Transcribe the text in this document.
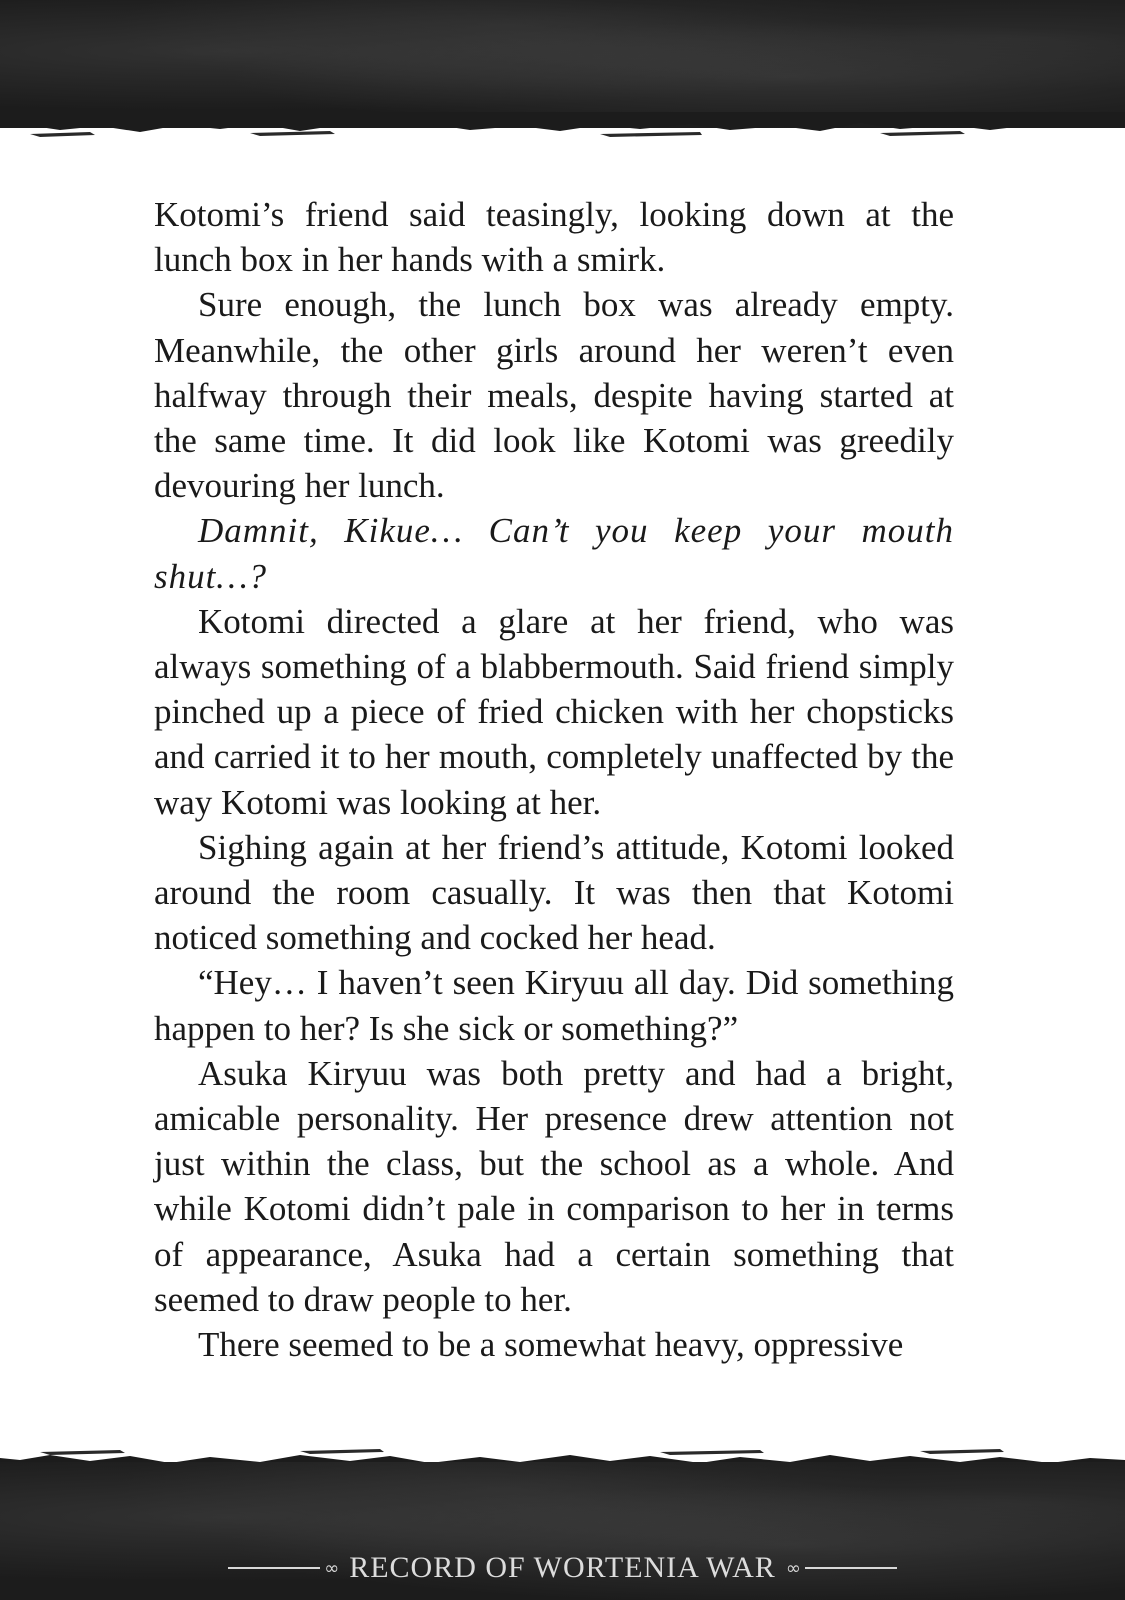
Kotomi’s friend said teasingly, looking down at the lunch box in her hands with a smirk.

Sure enough, the lunch box was already empty. Meanwhile, the other girls around her weren’t even halfway through their meals, despite having started at the same time. It did look like Kotomi was greedily devouring her lunch.

Damnit, Kikue… Can’t you keep your mouth shut…?

Kotomi directed a glare at her friend, who was always something of a blabbermouth. Said friend simply pinched up a piece of fried chicken with her chopsticks and carried it to her mouth, completely unaffected by the way Kotomi was looking at her.

Sighing again at her friend’s attitude, Kotomi looked around the room casually. It was then that Kotomi noticed something and cocked her head.

“Hey… I haven’t seen Kiryuu all day. Did something happen to her? Is she sick or something?”

Asuka Kiryuu was both pretty and had a bright, amicable personality. Her presence drew attention not just within the class, but the school as a whole. And while Kotomi didn’t pale in comparison to her in terms of appearance, Asuka had a certain something that seemed to draw people to her.

There seemed to be a somewhat heavy, oppressive

∞ RECORD OF WORTENIA WAR ∞
